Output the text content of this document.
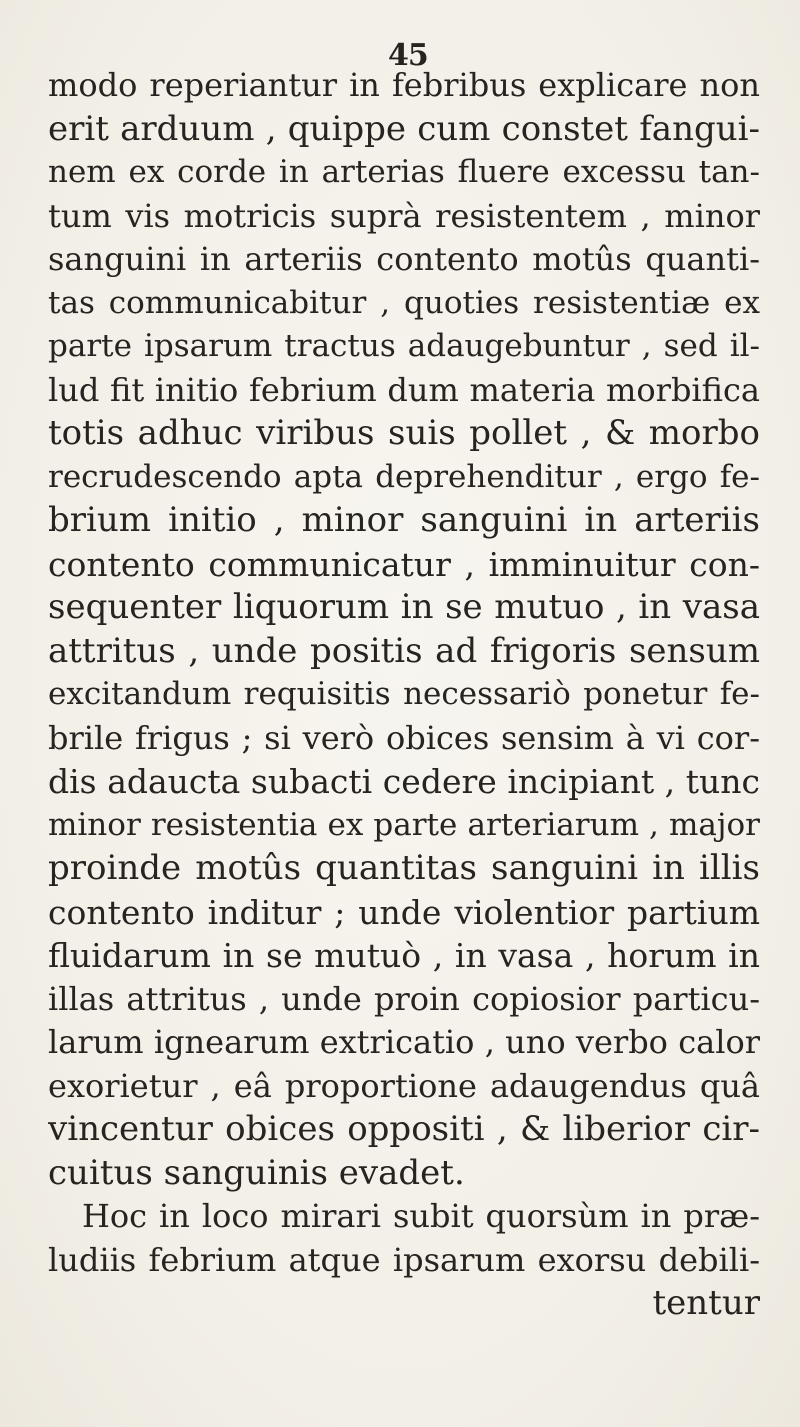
45
modo reperiantur in febribus explicare non
erit arduum , quippe cum constet fangui-
nem ex corde in arterias fluere excessu tan-
tum vis motricis suprà resistentem , minor
sanguini in arteriis contento motûs quanti-
tas communicabitur , quoties resistentiæ ex
parte ipsarum tractus adaugebuntur , sed il-
lud fit initio febrium dum materia morbifica
totis adhuc viribus suis pollet , & morbo
recrudescendo apta deprehenditur , ergo fe-
brium initio , minor sanguini in arteriis
contento communicatur , imminuitur con-
sequenter liquorum in se mutuo , in vasa
attritus , unde positis ad frigoris sensum
excitandum requisitis necessariò ponetur fe-
brile frigus ; si verò obices sensim à vi cor-
dis adaucta subacti cedere incipiant , tunc
minor resistentia ex parte arteriarum , major
proinde motûs quantitas sanguini in illis
contento inditur ; unde violentior partium
fluidarum in se mutuò , in vasa , horum in
illas attritus , unde proin copiosior particu-
larum ignearum extricatio , uno verbo calor
exorietur , eâ proportione adaugendus quâ
vincentur obices oppositi , & liberior cir-
cuitus sanguinis evadet.
Hoc in loco mirari subit quorsùm in præ-
ludiis febrium atque ipsarum exorsu debili-
tentur
